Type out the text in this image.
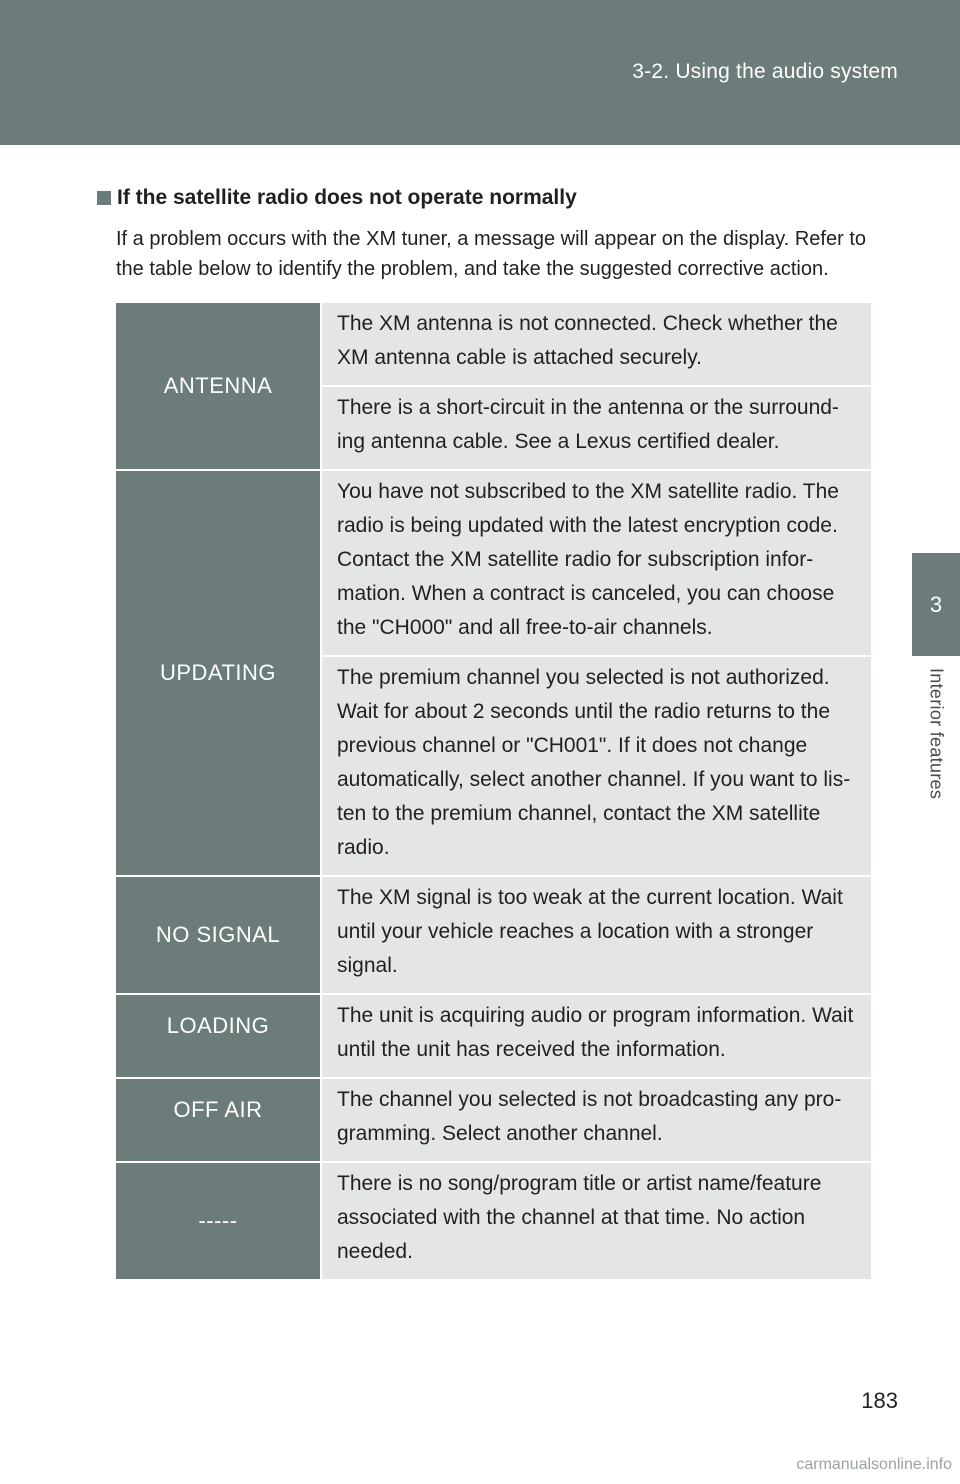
3-2. Using the audio system
3
Interior features
If the satellite radio does not operate normally
If a problem occurs with the XM tuner, a message will appear on the display. Refer to the table below to identify the problem, and take the suggested corrective action.
ANTENNA	The XM antenna is not connected. Check whether the XM antenna cable is attached securely.
	There is a short-circuit in the antenna or the surround- ing antenna cable. See a Lexus certified dealer.
UPDATING	You have not subscribed to the XM satellite radio. The radio is being updated with the latest encryption code. Contact the XM satellite radio for subscription infor- mation. When a contract is canceled, you can choose the "CH000" and all free-to-air channels.
	The premium channel you selected is not authorized. Wait for about 2 seconds until the radio returns to the previous channel or "CH001". If it does not change automatically, select another channel. If you want to lis- ten to the premium channel, contact the XM satellite radio.
NO SIGNAL	The XM signal is too weak at the current location. Wait until your vehicle reaches a location with a stronger signal.
LOADING	The unit is acquiring audio or program information. Wait until the unit has received the information.
OFF AIR	The channel you selected is not broadcasting any pro- gramming. Select another channel.
-----	There is no song/program title or artist name/feature associated with the channel at that time. No action needed.
183
carmanualsonline.info
